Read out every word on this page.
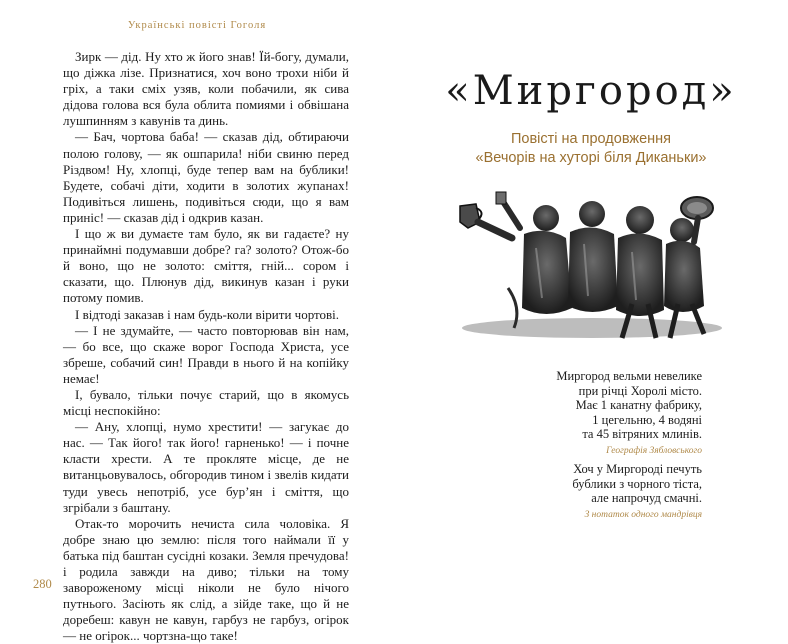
Українські повісті Гоголя

Зирк — дід. Ну хто ж його знав! Їй-богу, думали, що діжка лізе. Признатися, хоч воно трохи ніби й гріх, а таки сміх узяв, коли побачили, як сива дідова голова вся була облита помиями і обвішана лушпинням з кавунів та динь.

— Бач, чортова баба! — сказав дід, обтираючи полою голову, — як ошпарила! ніби свиню перед Різдвом! Ну, хлопці, буде тепер вам на бублики! Будете, собачі діти, ходити в золотих жупанах! Подивіться лишень, подивіться сюди, що я вам приніс! — сказав дід і одкрив казан.

І що ж ви думаєте там було, як ви гадаєте? ну принаймні подумавши добре? га? золото? Отож-бо й воно, що не золото: сміття, гній... сором і сказати, що. Плюнув дід, викинув казан і руки потому помив.

І відтоді заказав і нам будь-коли вірити чортові.

— І не здумайте, — часто повторював він нам, — бо все, що скаже ворог Господа Христа, усе збреше, собачий син! Правди в нього й на копійку немає!

І, бувало, тільки почує старий, що в якомусь місці неспокійно:

— Ану, хлопці, нумо хрестити! — загукає до нас. — Так його! так його! гарненько! — і почне класти хрести. А те прокляте місце, де не витанцьовувалось, обгородив тином і звелів кидати туди увесь непотріб, усе бур’ян і сміття, що згрібали з баштану.

Отак-то морочить нечиста сила чоловіка. Я добре знаю цю землю: після того наймали її у батька під баштан сусідні козаки. Земля пречудова! і родила завжди на диво; тільки на тому завороженому місці ніколи не було нічого путнього. Засіють як слід, а зійде таке, що й не доребеш: кавун не кавун, гарбуз не гарбуз, огірок — не огірок... чортзна-що таке!

280
«Миргород»
Повісті на продовження
«Вечорів на хуторі біля Диканьки»
Миргород вельми невелике
при річці Хоролі місто.
Має 1 канатну фабрику,
1 цегельню, 4 водяні
та 45 вітряних млинів.
Географія Зябловського
Хоч у Миргороді печуть
бублики з чорного тіста,
але напрочуд смачні.
З нотаток одного мандрівця
